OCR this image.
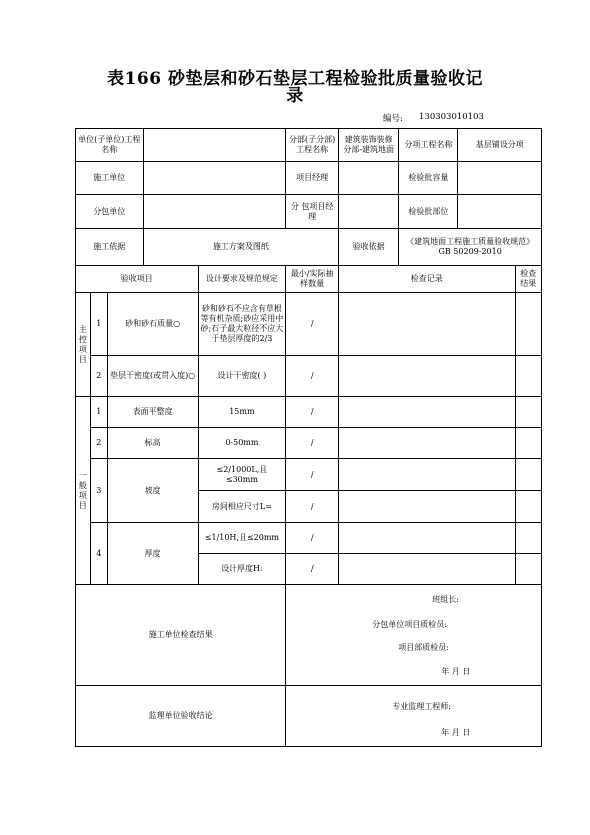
表166 砂垫层和砂石垫层工程检验批质量验收记
录
编号: 130303010103
单位(子单位)工程名称					分部(子分部)工程名称	建筑装饰装修分部-建筑地面	分项工程名称	基层铺设分项	
施工单位					项目经理		检验批容量		
分包单位					分 包项目经理		检验批部位		
施工依据			施工方案及图纸			验收依据	《建筑地面工程施工质量验收规范》GB 50209-2010		
验收项目				设计要求及规范规定	最小/实际抽样数量	检查记录			检查结果
主控项目	1	砂和砂石质量○		砂和砂石不应含有草根等有机杂质;砂应采用中砂;石子最大粒径不应大于垫层厚度的2/3	/				
	2	垫层干密度(或贯入度)○		设计干密度( )	/				
一般项目	1	表面平整度		15mm	/				
	2	标高		0-50mm	/				
	3	坡度		≤2/1000L,且≤30mm	/				
				房间相应尺寸L=	/				
	4	厚度		≤1/10H,且≤20mm	/				
				设计厚度H:	/				
施工单位检查结果					班组长:
分包单位项目质检员:
项目部质检员:
年 月 日				

监理单位验收结论					专业监理工程师:
年 月 日				
